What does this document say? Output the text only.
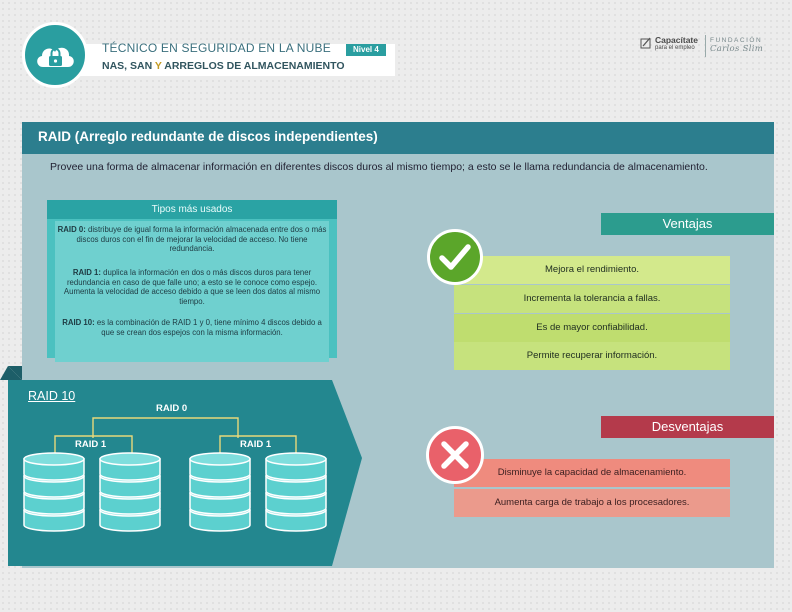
TÉCNICO EN SEGURIDAD EN LA NUBE	Nivel 4
NAS, SAN Y ARREGLOS DE ALMACENAMIENTO
Capacítate
para el empleo
FUNDACIÓN
Carlos Slim
RAID (Arreglo redundante de discos independientes)
Provee una forma de almacenar información en diferentes discos duros al mismo tiempo; a esto se le llama redundancia de almacenamiento.
Tipos más usados
RAID 0: distribuye de igual forma la información almacenada entre dos o más discos duros con el fin de mejorar la velocidad de acceso. No tiene redundancia.
RAID 1: duplica la información en dos o más discos duros para tener redundancia en caso de que falle uno; a esto se le conoce como espejo. Aumenta la velocidad de acceso debido a que se leen dos datos al mismo tiempo.
RAID 10: es la combinación de RAID 1 y 0, tiene mínimo 4 discos debido a que se crean dos espejos con la misma información.
RAID 10
RAID 0
RAID 1	RAID 1
Ventajas
Mejora el rendimiento.
Incrementa la tolerancia a fallas.
Es de mayor confiabilidad.
Permite recuperar información.
Desventajas
Disminuye la capacidad de almacenamiento.
Aumenta carga de trabajo a los procesadores.
